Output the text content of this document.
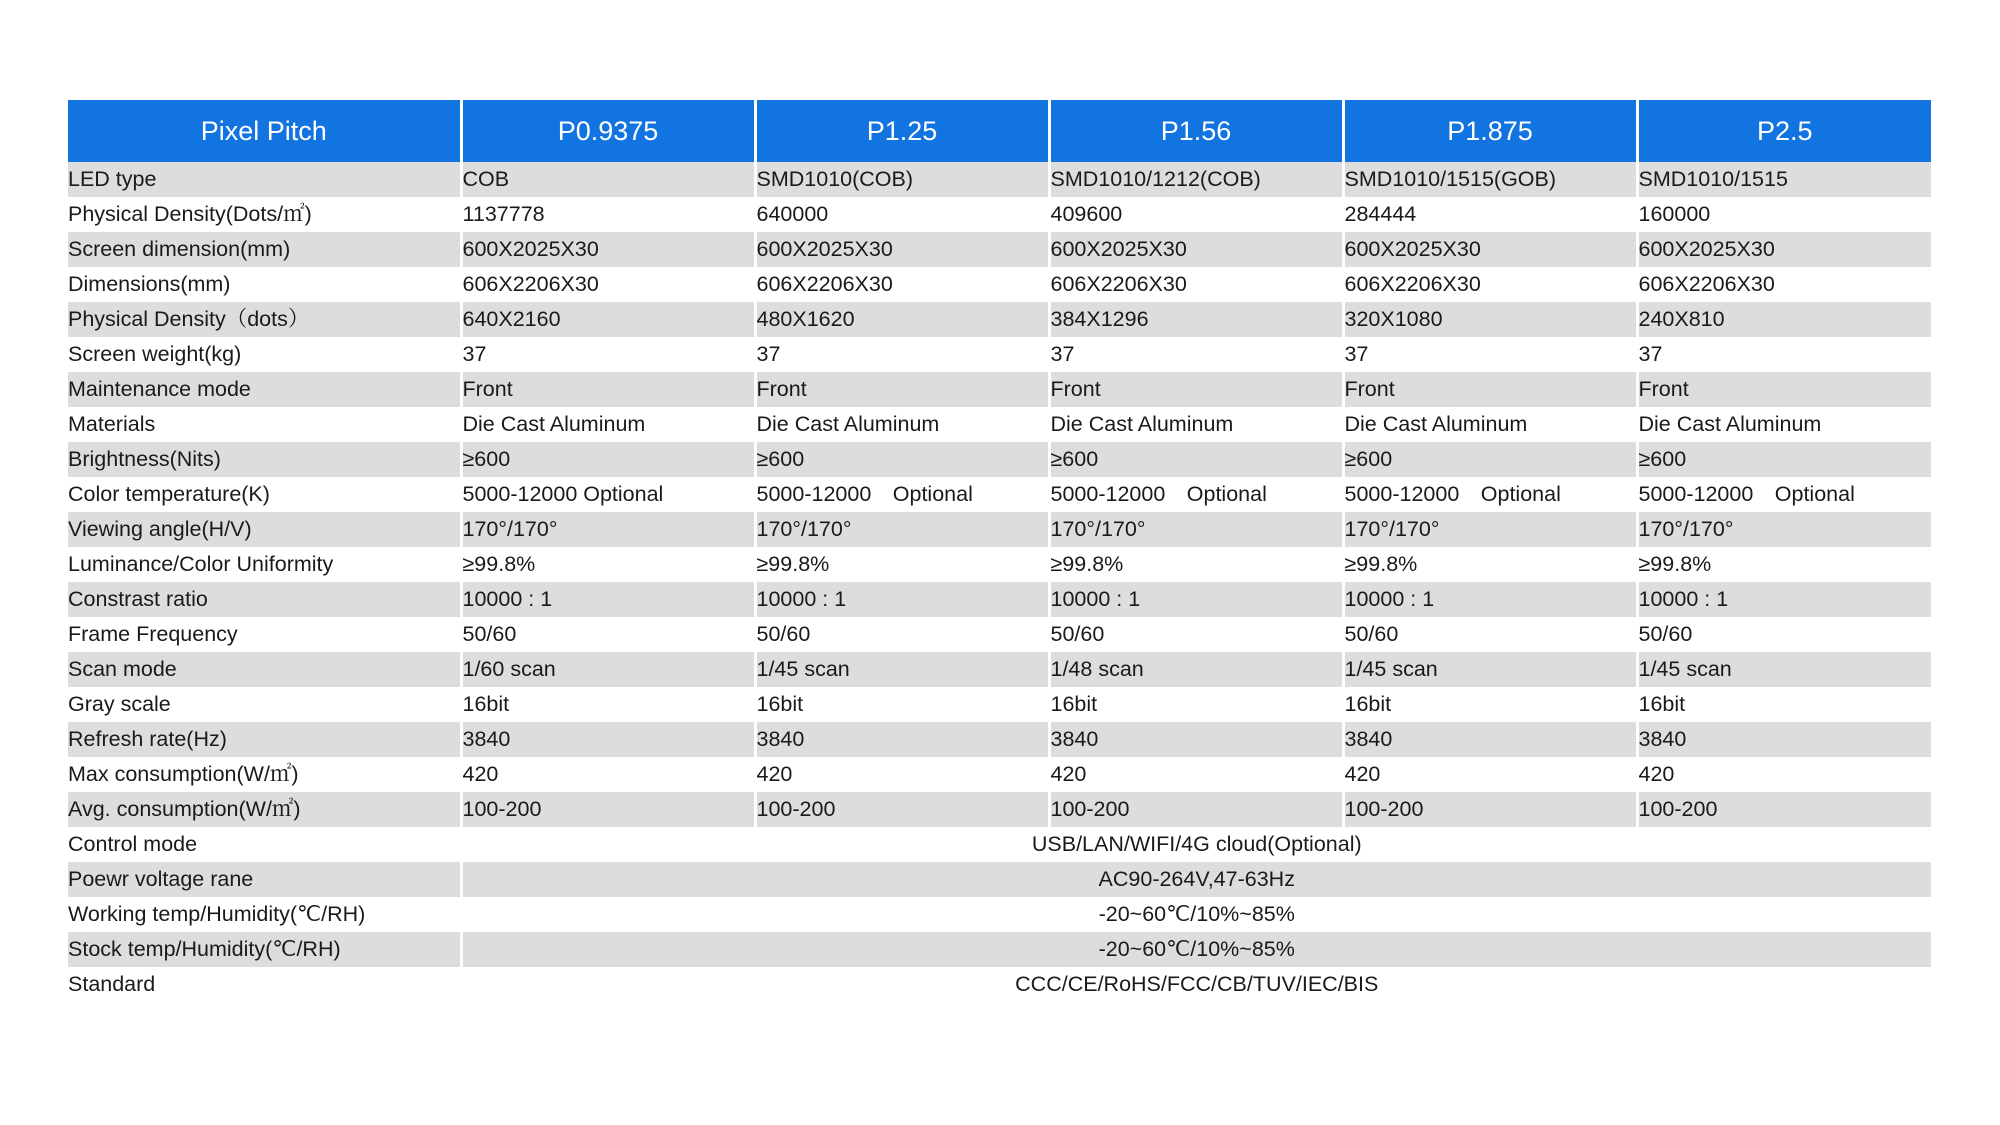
Pixel Pitch	P0.9375	P1.25	P1.56	P1.875	P2.5
LED type	COB	SMD1010(COB)	SMD1010/1212(COB)	SMD1010/1515(GOB)	SMD1010/1515
Physical Density(Dots/㎡)	1137778	640000	409600	284444	160000
Screen dimension(mm)	600X2025X30	600X2025X30	600X2025X30	600X2025X30	600X2025X30
Dimensions(mm)	606X2206X30	606X2206X30	606X2206X30	606X2206X30	606X2206X30
Physical Density（dots）	640X2160	480X1620	384X1296	320X1080	240X810
Screen weight(kg)	37	37	37	37	37
Maintenance mode	Front	Front	Front	Front	Front
Materials	Die Cast Aluminum	Die Cast Aluminum	Die Cast Aluminum	Die Cast Aluminum	Die Cast Aluminum
Brightness(Nits)	≥600	≥600	≥600	≥600	≥600
Color temperature(K)	5000-12000 Optional	5000-12000　Optional	5000-12000　Optional	5000-12000　Optional	5000-12000　Optional
Viewing angle(H/V)	170°/170°	170°/170°	170°/170°	170°/170°	170°/170°
Luminance/Color Uniformity	≥99.8%	≥99.8%	≥99.8%	≥99.8%	≥99.8%
Constrast ratio	10000 : 1	10000 : 1	10000 : 1	10000 : 1	10000 : 1
Frame Frequency	50/60	50/60	50/60	50/60	50/60
Scan mode	1/60 scan	1/45 scan	1/48 scan	1/45 scan	1/45 scan
Gray scale	16bit	16bit	16bit	16bit	16bit
Refresh rate(Hz)	3840	3840	3840	3840	3840
Max consumption(W/㎡)	420	420	420	420	420
Avg. consumption(W/㎡)	100-200	100-200	100-200	100-200	100-200
Control mode	USB/LAN/WIFI/4G cloud(Optional)				
Poewr voltage rane	AC90-264V,47-63Hz				
Working temp/Humidity(℃/RH)	-20~60℃/10%~85%				
Stock temp/Humidity(℃/RH)	-20~60℃/10%~85%				
Standard	CCC/CE/RoHS/FCC/CB/TUV/IEC/BIS				
